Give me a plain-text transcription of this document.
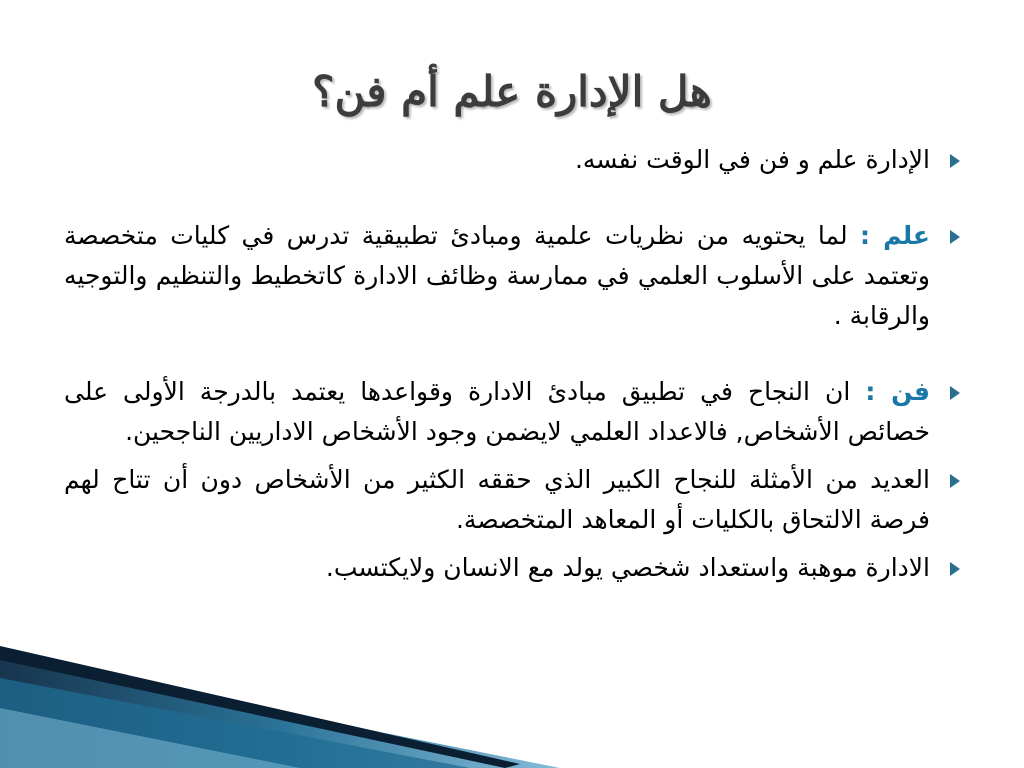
هل الإدارة علم أم فن؟
الإدارة علم و فن في الوقت نفسه.
علم : لما يحتويه من نظريات علمية ومبادئ تطبيقية تدرس في كليات متخصصة وتعتمد على الأسلوب العلمي في ممارسة وظائف الادارة كاتخطيط والتنظيم والتوجيه والرقابة .
فن : ان النجاح في تطبيق مبادئ الادارة وقواعدها يعتمد بالدرجة الأولى على خصائص الأشخاص, فالاعداد العلمي لايضمن وجود الأشخاص الاداريين الناجحين.
العديد من الأمثلة للنجاح الكبير الذي حققه الكثير من الأشخاص دون أن تتاح لهم فرصة الالتحاق بالكليات أو المعاهد المتخصصة.
الادارة موهبة واستعداد شخصي يولد مع الانسان ولايكتسب.
